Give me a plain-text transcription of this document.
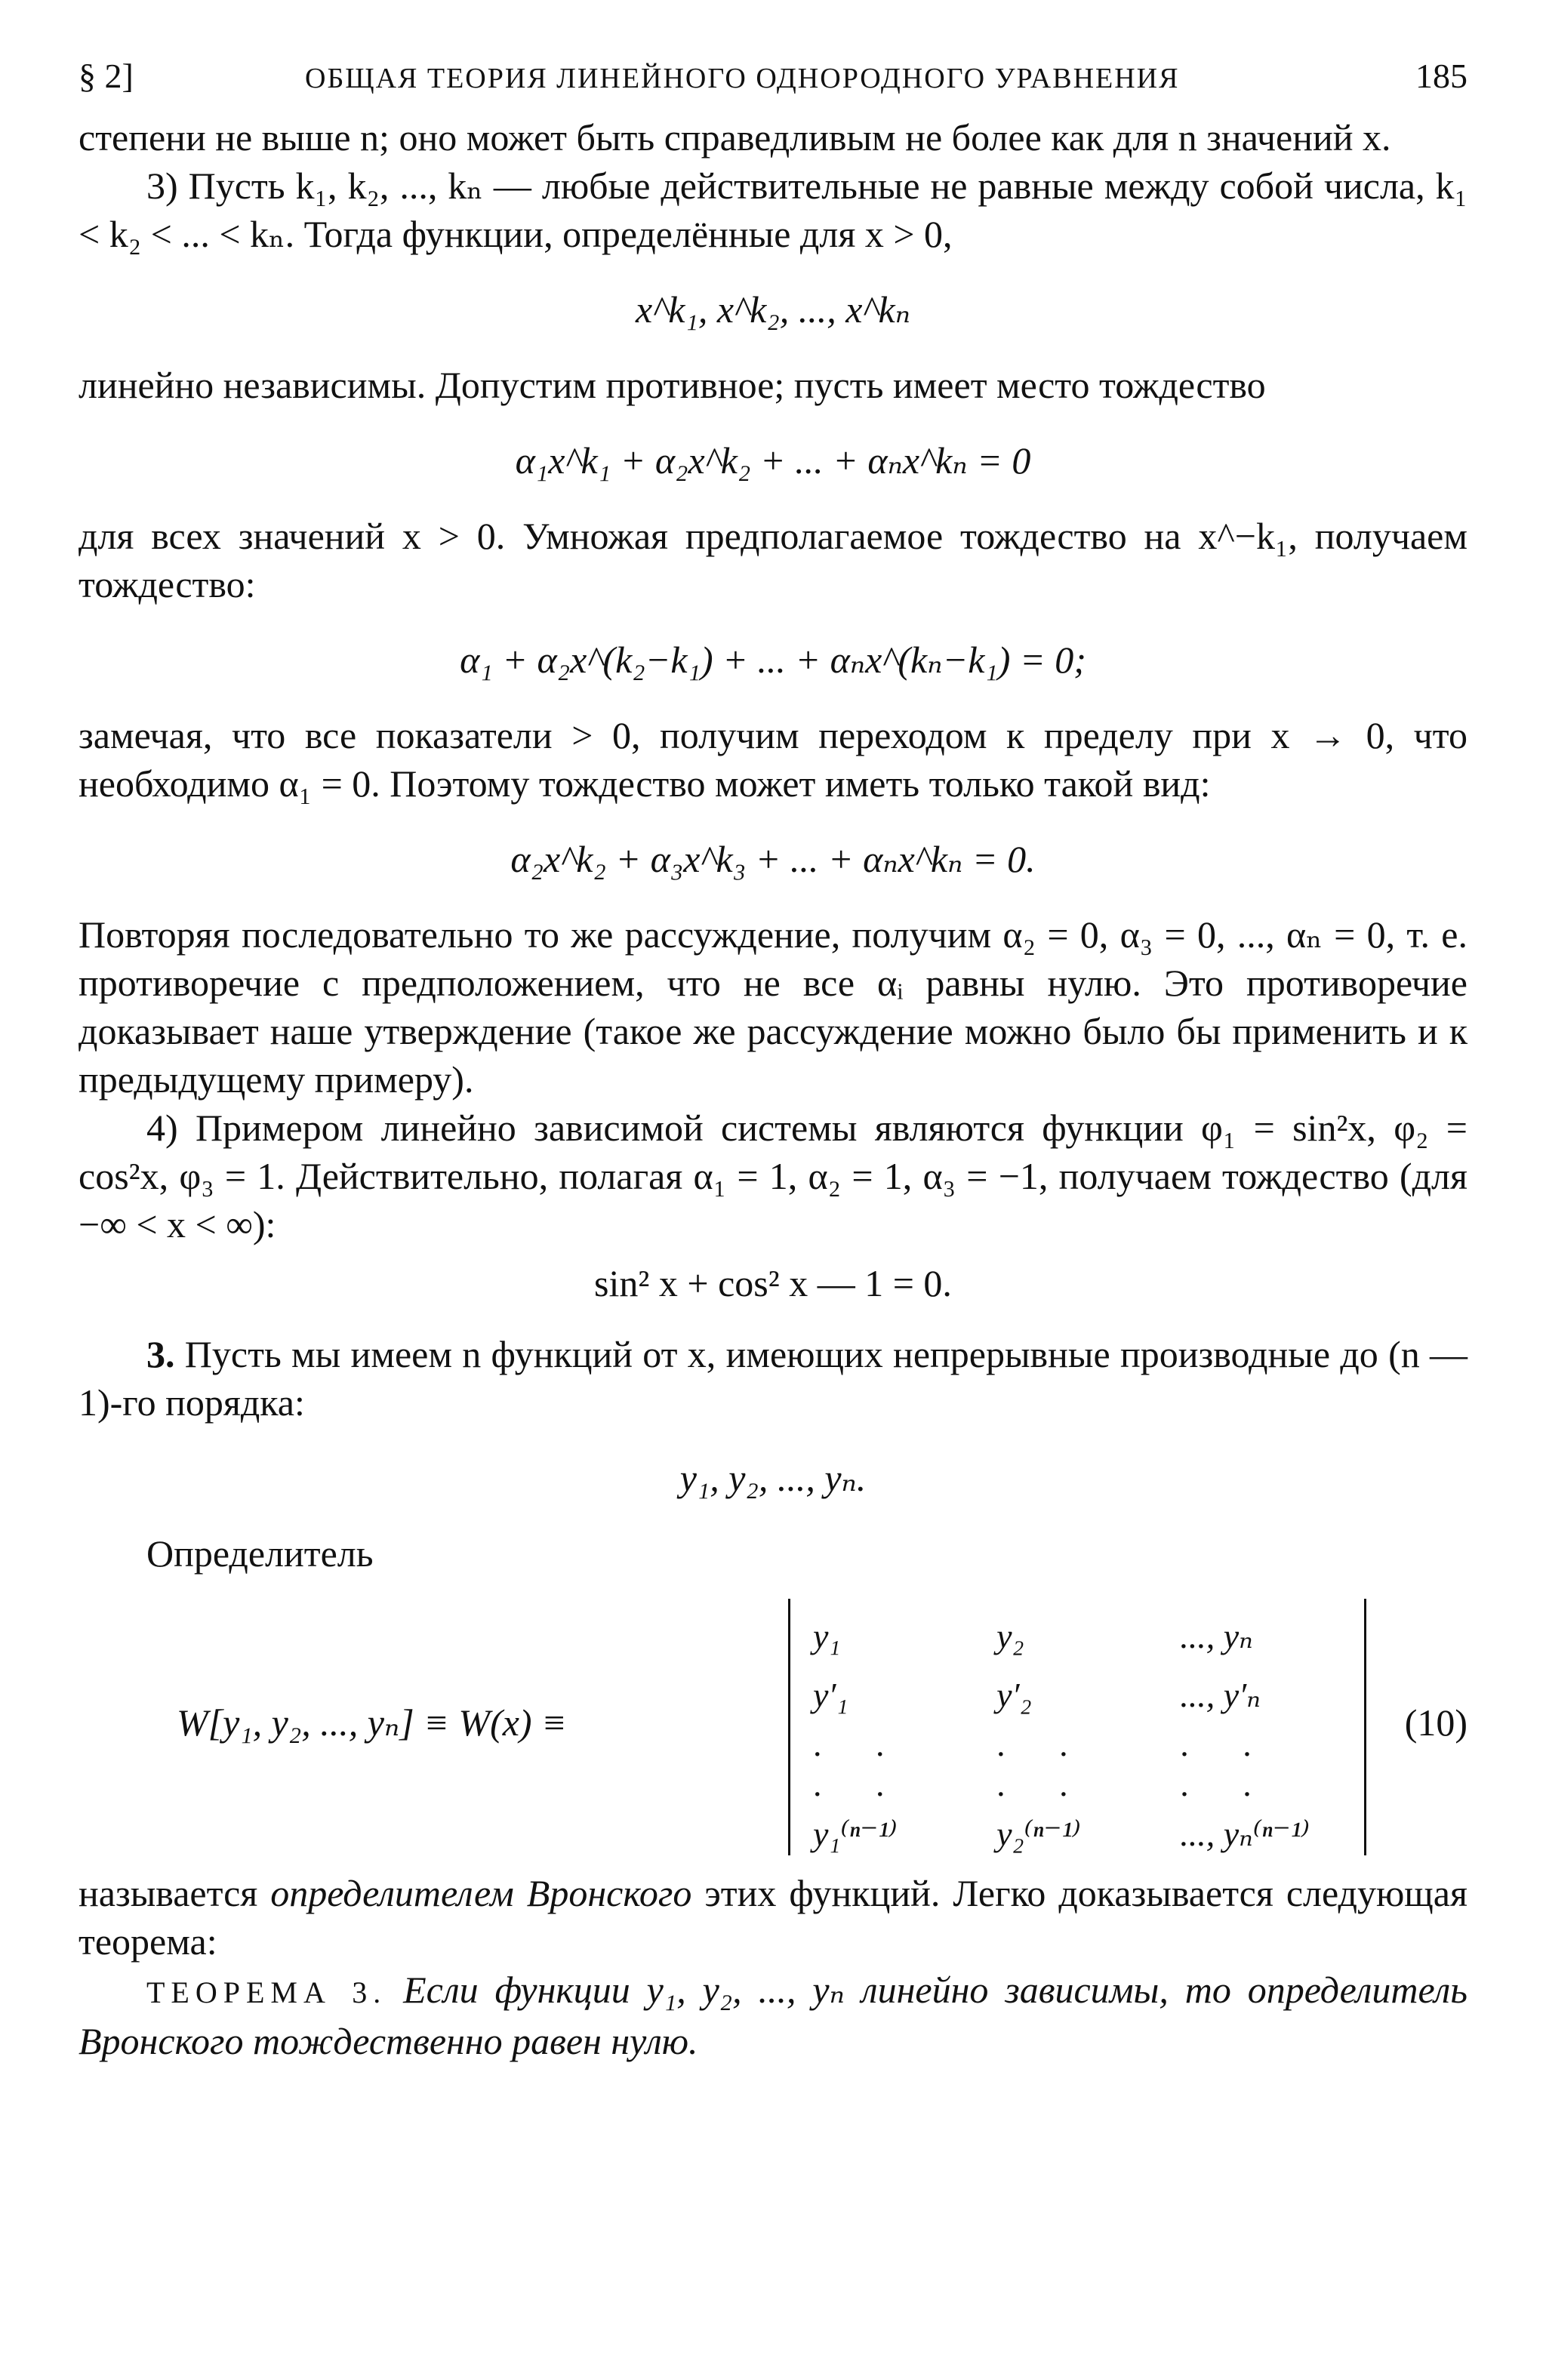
§ 2]	ОБЩАЯ ТЕОРИЯ ЛИНЕЙНОГО ОДНОРОДНОГО УРАВНЕНИЯ	185

степени не выше n; оно может быть справедливым не более как для n значений x.

3) Пусть k₁, k₂, ..., kₙ — любые действительные не равные между собой числа, k₁ < k₂ < ... < kₙ. Тогда функции, определённые для x > 0,

x^k₁, x^k₂, ..., x^kₙ

линейно независимы. Допустим противное; пусть имеет место тождество

α₁x^k₁ + α₂x^k₂ + ... + αₙx^kₙ = 0

для всех значений x > 0. Умножая предполагаемое тождество на x^−k₁, получаем тождество:

α₁ + α₂x^(k₂−k₁) + ... + αₙx^(kₙ−k₁) = 0;

замечая, что все показатели > 0, получим переходом к пределу при x → 0, что необходимо α₁ = 0. Поэтому тождество может иметь только такой вид:

α₂x^k₂ + α₃x^k₃ + ... + αₙx^kₙ = 0.

Повторяя последовательно то же рассуждение, получим α₂ = 0, α₃ = 0, ..., αₙ = 0, т. е. противоречие с предположением, что не все αᵢ равны нулю. Это противоречие доказывает наше утверждение (такое же рассуждение можно было бы применить и к предыдущему примеру).

4) Примером линейно зависимой системы являются функции φ₁ = sin²x, φ₂ = cos²x, φ₃ = 1. Действительно, полагая α₁ = 1, α₂ = 1, α₃ = −1, получаем тождество (для −∞ < x < ∞):

sin² x + cos² x — 1 = 0.

3. Пусть мы имеем n функций от x, имеющих непрерывные производные до (n — 1)-го порядка:

y₁, y₂, ..., yₙ.

Определитель

W[y₁, y₂, ..., yₙ] ≡ W(x) ≡
y₁	y₂	..., yₙ
y′₁	y′₂	..., y′ₙ
. . . .	. . . .	. . . .
y₁⁽ⁿ⁻¹⁾	y₂⁽ⁿ⁻¹⁾	..., yₙ⁽ⁿ⁻¹⁾
(10)

называется определителем Вронского этих функций. Легко доказывается следующая теорема:

ТЕОРЕМА 3. Если функции y₁, y₂, ..., yₙ линейно зависимы, то определитель Вронского тождественно равен нулю.
